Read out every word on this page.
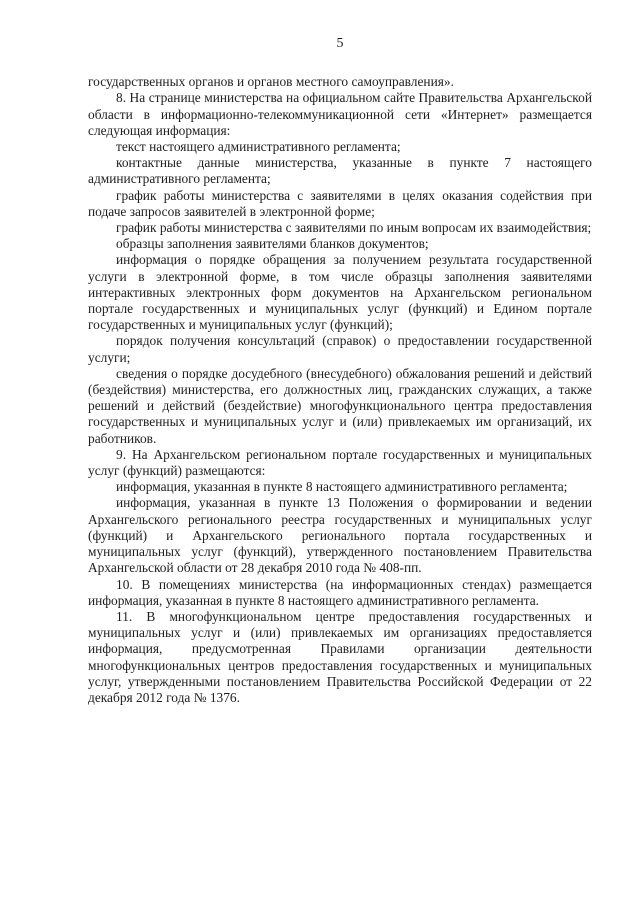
5

государственных органов и органов местного самоуправления».

8. На странице министерства на официальном сайте Правительства Архангельской области в информационно-телекоммуникационной сети «Интернет» размещается следующая информация:

текст настоящего административного регламента;

контактные данные министерства, указанные в пункте 7 настоящего административного регламента;

график работы министерства с заявителями в целях оказания содействия при подаче запросов заявителей в электронной форме;

график работы министерства с заявителями по иным вопросам их взаимодействия;

образцы заполнения заявителями бланков документов;

информация о порядке обращения за получением результата государственной услуги в электронной форме, в том числе образцы заполнения заявителями интерактивных электронных форм документов на Архангельском региональном портале государственных и муниципальных услуг (функций) и Едином портале государственных и муниципальных услуг (функций);

порядок получения консультаций (справок) о предоставлении государственной услуги;

сведения о порядке досудебного (внесудебного) обжалования решений и действий (бездействия) министерства, его должностных лиц, гражданских служащих, а также решений и действий (бездействие) многофункционального центра предоставления государственных и муниципальных услуг и (или) привлекаемых им организаций, их работников.

9. На Архангельском региональном портале государственных и муниципальных услуг (функций) размещаются:

информация, указанная в пункте 8 настоящего административного регламента;

информация, указанная в пункте 13 Положения о формировании и ведении Архангельского регионального реестра государственных и муниципальных услуг (функций) и Архангельского регионального портала государственных и муниципальных услуг (функций), утвержденного постановлением Правительства Архангельской области от 28 декабря 2010 года № 408-пп.

10. В помещениях министерства (на информационных стендах) размещается информация, указанная в пункте 8 настоящего административного регламента.

11. В многофункциональном центре предоставления государственных и муниципальных услуг и (или) привлекаемых им организациях предоставляется информация, предусмотренная Правилами организации деятельности многофункциональных центров предоставления государственных и муниципальных услуг, утвержденными постановлением Правительства Российской Федерации от 22 декабря 2012 года № 1376.
